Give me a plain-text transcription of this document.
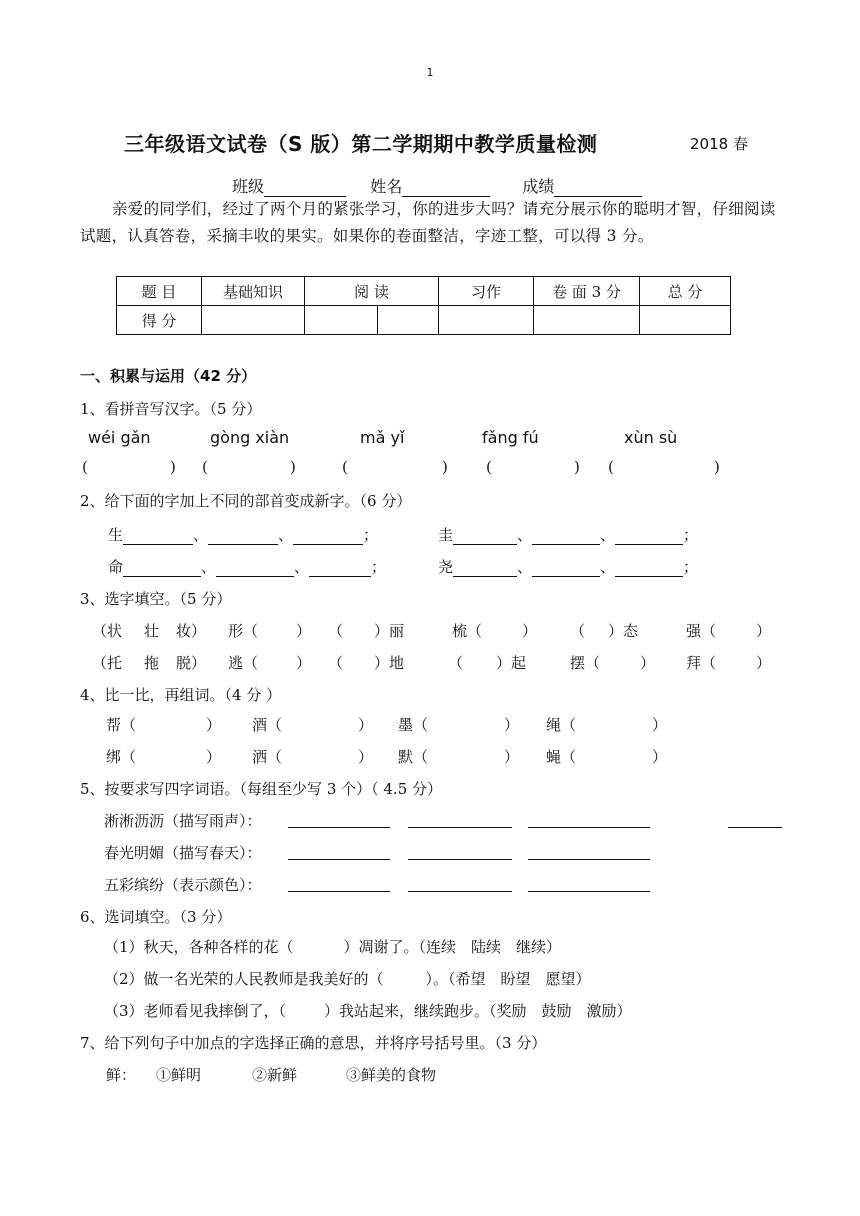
1
三年级语文试卷（S 版）第二学期期中教学质量检测	2018 春
班级	姓名	成绩
亲爱的同学们，经过了两个月的紧张学习，你的进步大吗？请充分展示你的聪明才智，仔细阅读试题，认真答卷，采摘丰收的果实。如果你的卷面整洁，字迹工整，可以得 3 分。
题 目	基础知识	阅 读		习作	卷 面 3 分	总 分
得 分						
一、积累与运用（42 分）
1、看拼音写汉字。（5 分）
wéi gǎn	gòng xiàn	mǎ yǐ	fǎng fú	xùn sù
(	) (	)	(	)	(	) (	)
2、给下面的字加上不同的部首变成新字。（6 分）
生	、	、	；	圭	、	、	；
命	、	、	；	尧	、	、	；
3、选字填空。（5 分）
（状 壮 妆） 形（	） （ ）丽	梳（	） （ ）态	强（	）
（托 拖 脱） 逃（	） （ ）地	（ ）起	摆（	） 拜（	）
4、比一比，再组词。（4 分 ）
帮（	） 酒（	） 墨（	） 绳（	）
绑（	） 洒（	） 默（	） 蝇（	）
5、按要求写四字词语。（每组至少写 3 个）（ 4.5 分）
淅淅沥沥（描写雨声）：
春光明媚（描写春天）：
五彩缤纷（表示颜色）：
6、选词填空。（3 分）
（1）秋天，各种各样的花（	）凋谢了。（连续　陆续　继续）
（2）做一名光荣的人民教师是我美好的（	）。（希望　盼望　愿望）
（3）老师看见我摔倒了，（	）我站起来，继续跑步。（奖励　鼓励　激励）
7、给下列句子中加点的字选择正确的意思，并将序号括号里。（3 分）
鲜： ①鲜明	②新鲜	③鲜美的食物
